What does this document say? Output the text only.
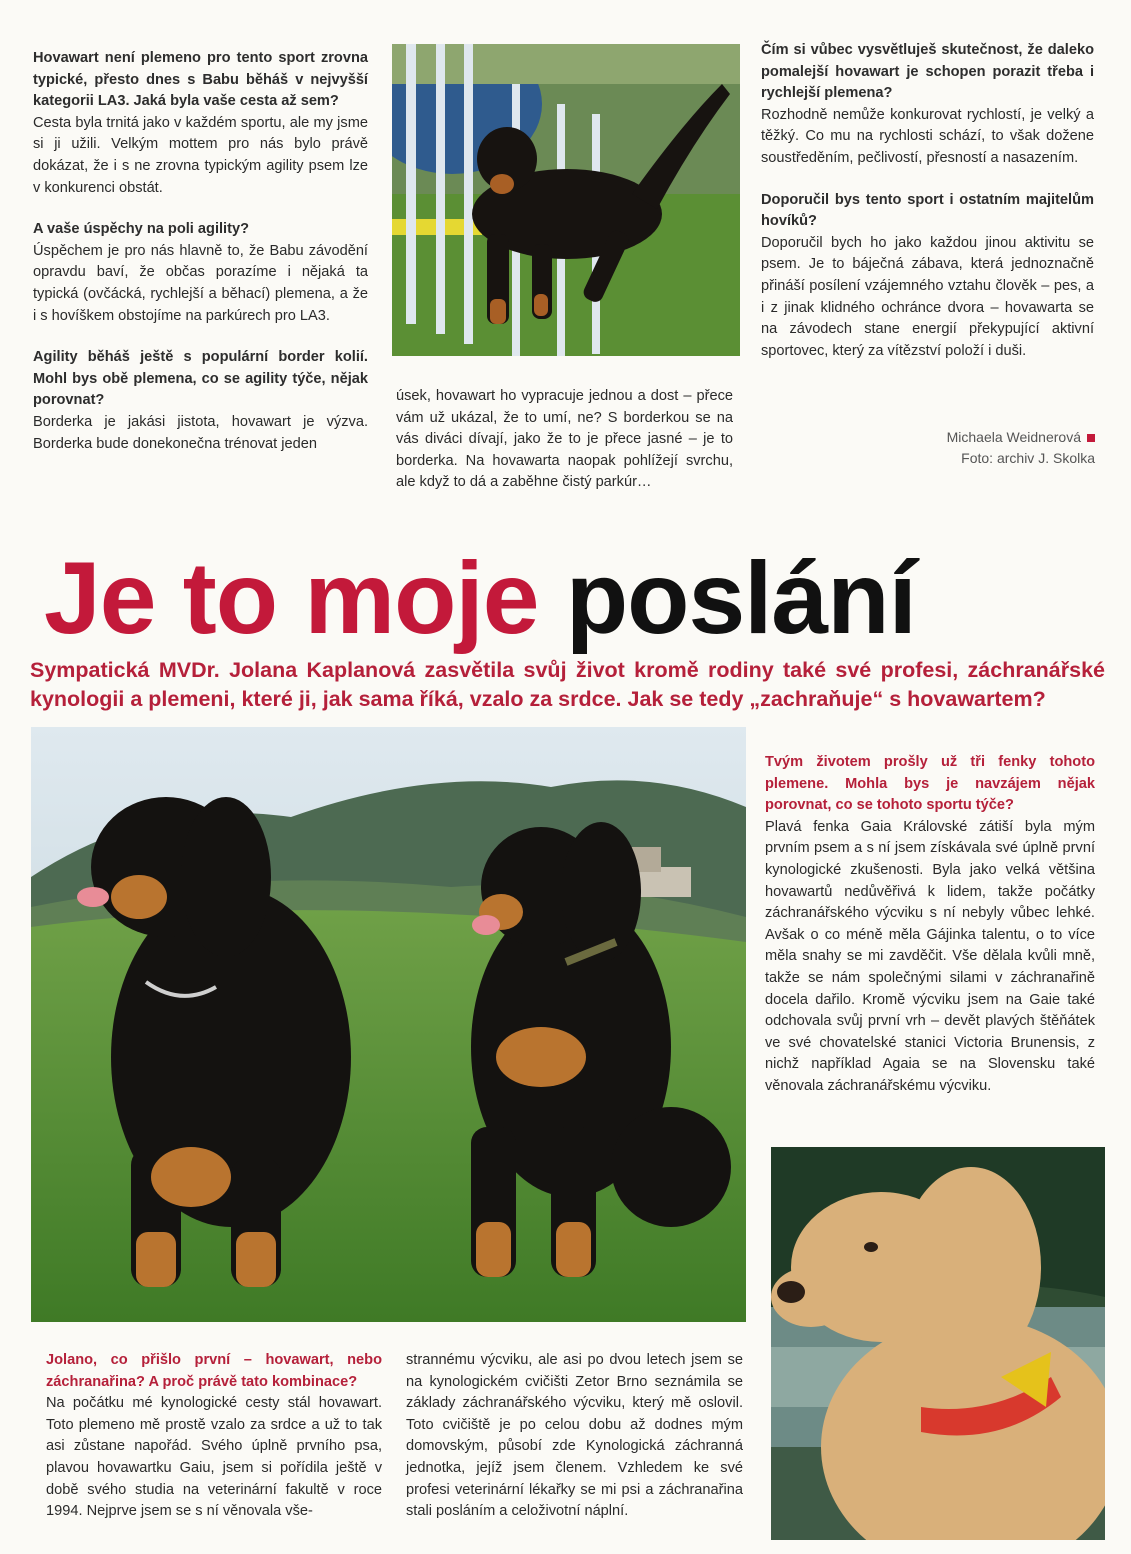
Hovawart není plemeno pro tento sport zrovna typické, přesto dnes s Babu běháš v nejvyšší kategorii LA3. Jaká byla vaše cesta až sem?

Cesta byla trnitá jako v každém sportu, ale my jsme si ji užili. Velkým mottem pro nás bylo právě dokázat, že i s ne zrovna typickým agility psem lze v konkurenci obstát.

A vaše úspěchy na poli agility?

Úspěchem je pro nás hlavně to, že Babu závodění opravdu baví, že občas porazíme i nějaká ta typická (ovčácká, rychlejší a běhací) plemena, a že i s hovíškem obstojíme na parkúrech pro LA3.

Agility běháš ještě s populární border kolií. Mohl bys obě plemena, co se agility týče, nějak porovnat?

Borderka je jakási jistota, hovawart je výzva. Borderka bude donekonečna trénovat jeden

úsek, hovawart ho vypracuje jednou a dost – přece vám už ukázal, že to umí, ne? S borderkou se na vás diváci dívají, jako že to je přece jasné – je to borderka. Na hovawarta naopak pohlížejí svrchu, ale když to dá a zaběhne čistý parkúr…

Čím si vůbec vysvětluješ skutečnost, že daleko pomalejší hovawart je schopen porazit třeba i rychlejší plemena?

Rozhodně nemůže konkurovat rychlostí, je velký a těžký. Co mu na rychlosti schází, to však dožene soustředěním, pečlivostí, přesností a nasazením.

Doporučil bys tento sport i ostatním majitelům hovíků?

Doporučil bych ho jako každou jinou aktivitu se psem. Je to báječná zábava, která jednoznačně přináší posílení vzájemného vztahu člověk – pes, a i z jinak klidného ochránce dvora – hovawarta se na závodech stane energií překypující aktivní sportovec, který za vítězství položí i duši.

Michaela Weidnerová
Foto: archiv J. Skolka
Je to moje poslání

Sympatická MVDr. Jolana Kaplanová zasvětila svůj život kromě rodiny také své profesi, záchranářské kynologii a plemeni, které ji, jak sama říká, vzalo za srdce. Jak se tedy „zachraňuje“ s hovawartem?

Tvým životem prošly už tři fenky tohoto plemene. Mohla bys je navzájem nějak porovnat, co se tohoto sportu týče?

Plavá fenka Gaia Královské zátiší byla mým prvním psem a s ní jsem získávala své úplně první kynologické zkušenosti. Byla jako velká většina hovawartů nedůvěřivá k lidem, takže počátky záchranářského výcviku s ní nebyly vůbec lehké. Avšak o co méně měla Gájinka talentu, o to více měla snahy se mi zavděčit. Vše dělala kvůli mně, takže se nám společnými silami v záchranařině docela dařilo. Kromě výcviku jsem na Gaie také odchovala svůj první vrh – devět plavých štěňátek ve své chovatelské stanici Victoria Brunensis, z nichž například Agaia se na Slovensku také věnovala záchranářskému výcviku.

Jolano, co přišlo první – hovawart, nebo záchranařina? A proč právě tato kombinace?

Na počátku mé kynologické cesty stál hovawart. Toto plemeno mě prostě vzalo za srdce a už to tak asi zůstane napořád. Svého úplně prvního psa, plavou hovawartku Gaiu, jsem si pořídila ještě v době svého studia na veterinární fakultě v roce 1994. Nejprve jsem se s ní věnovala vše-

strannému výcviku, ale asi po dvou letech jsem se na kynologickém cvičišti Zetor Brno seznámila se základy záchranářského výcviku, který mě oslovil. Toto cvičiště je po celou dobu až dodnes mým domovským, působí zde Kynologická záchranná jednotka, jejíž jsem členem. Vzhledem ke své profesi veterinární lékařky se mi psi a záchranařina stali posláním a celoživotní náplní.
